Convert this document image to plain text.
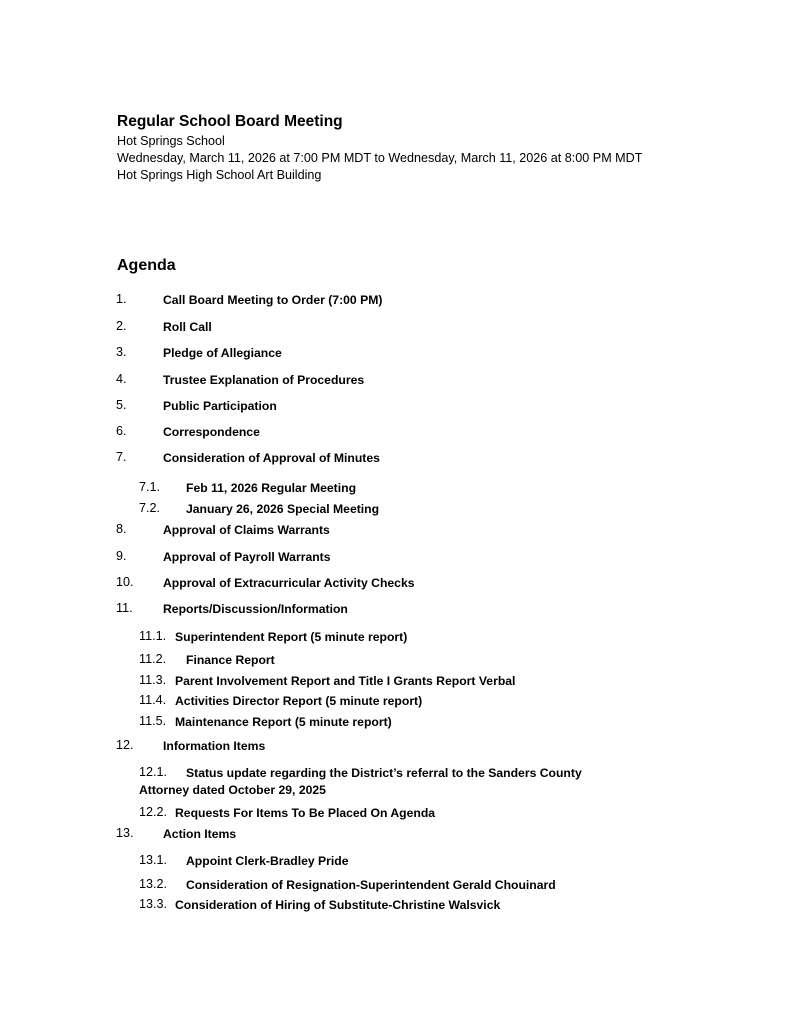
Regular School Board Meeting
Hot Springs School
Wednesday, March 11, 2026 at 7:00 PM MDT to Wednesday, March 11, 2026 at 8:00 PM MDT
Hot Springs High School Art Building
Agenda
1.	Call Board Meeting to Order (7:00 PM)
2.	Roll Call
3.	Pledge of Allegiance
4.	Trustee Explanation of Procedures
5.	Public Participation
6.	Correspondence
7.	Consideration of Approval of Minutes
7.1. Feb 11, 2026 Regular Meeting
7.2. January 26, 2026 Special Meeting
8.	Approval of Claims Warrants
9.	Approval of Payroll Warrants
10. Approval of Extracurricular Activity Checks
11. Reports/Discussion/Information
11.1. Superintendent Report (5 minute report)
11.2. Finance Report
11.3. Parent Involvement Report and Title I Grants Report Verbal
11.4. Activities Director Report (5 minute report)
11.5. Maintenance Report (5 minute report)
12. Information Items
12.1. Status update regarding the District’s referral to the Sanders County
Attorney dated October 29, 2025
12.2. Requests For Items To Be Placed On Agenda
13. Action Items
13.1. Appoint Clerk-Bradley Pride
13.2. Consideration of Resignation-Superintendent Gerald Chouinard
13.3. Consideration of Hiring of Substitute-Christine Walsvick
